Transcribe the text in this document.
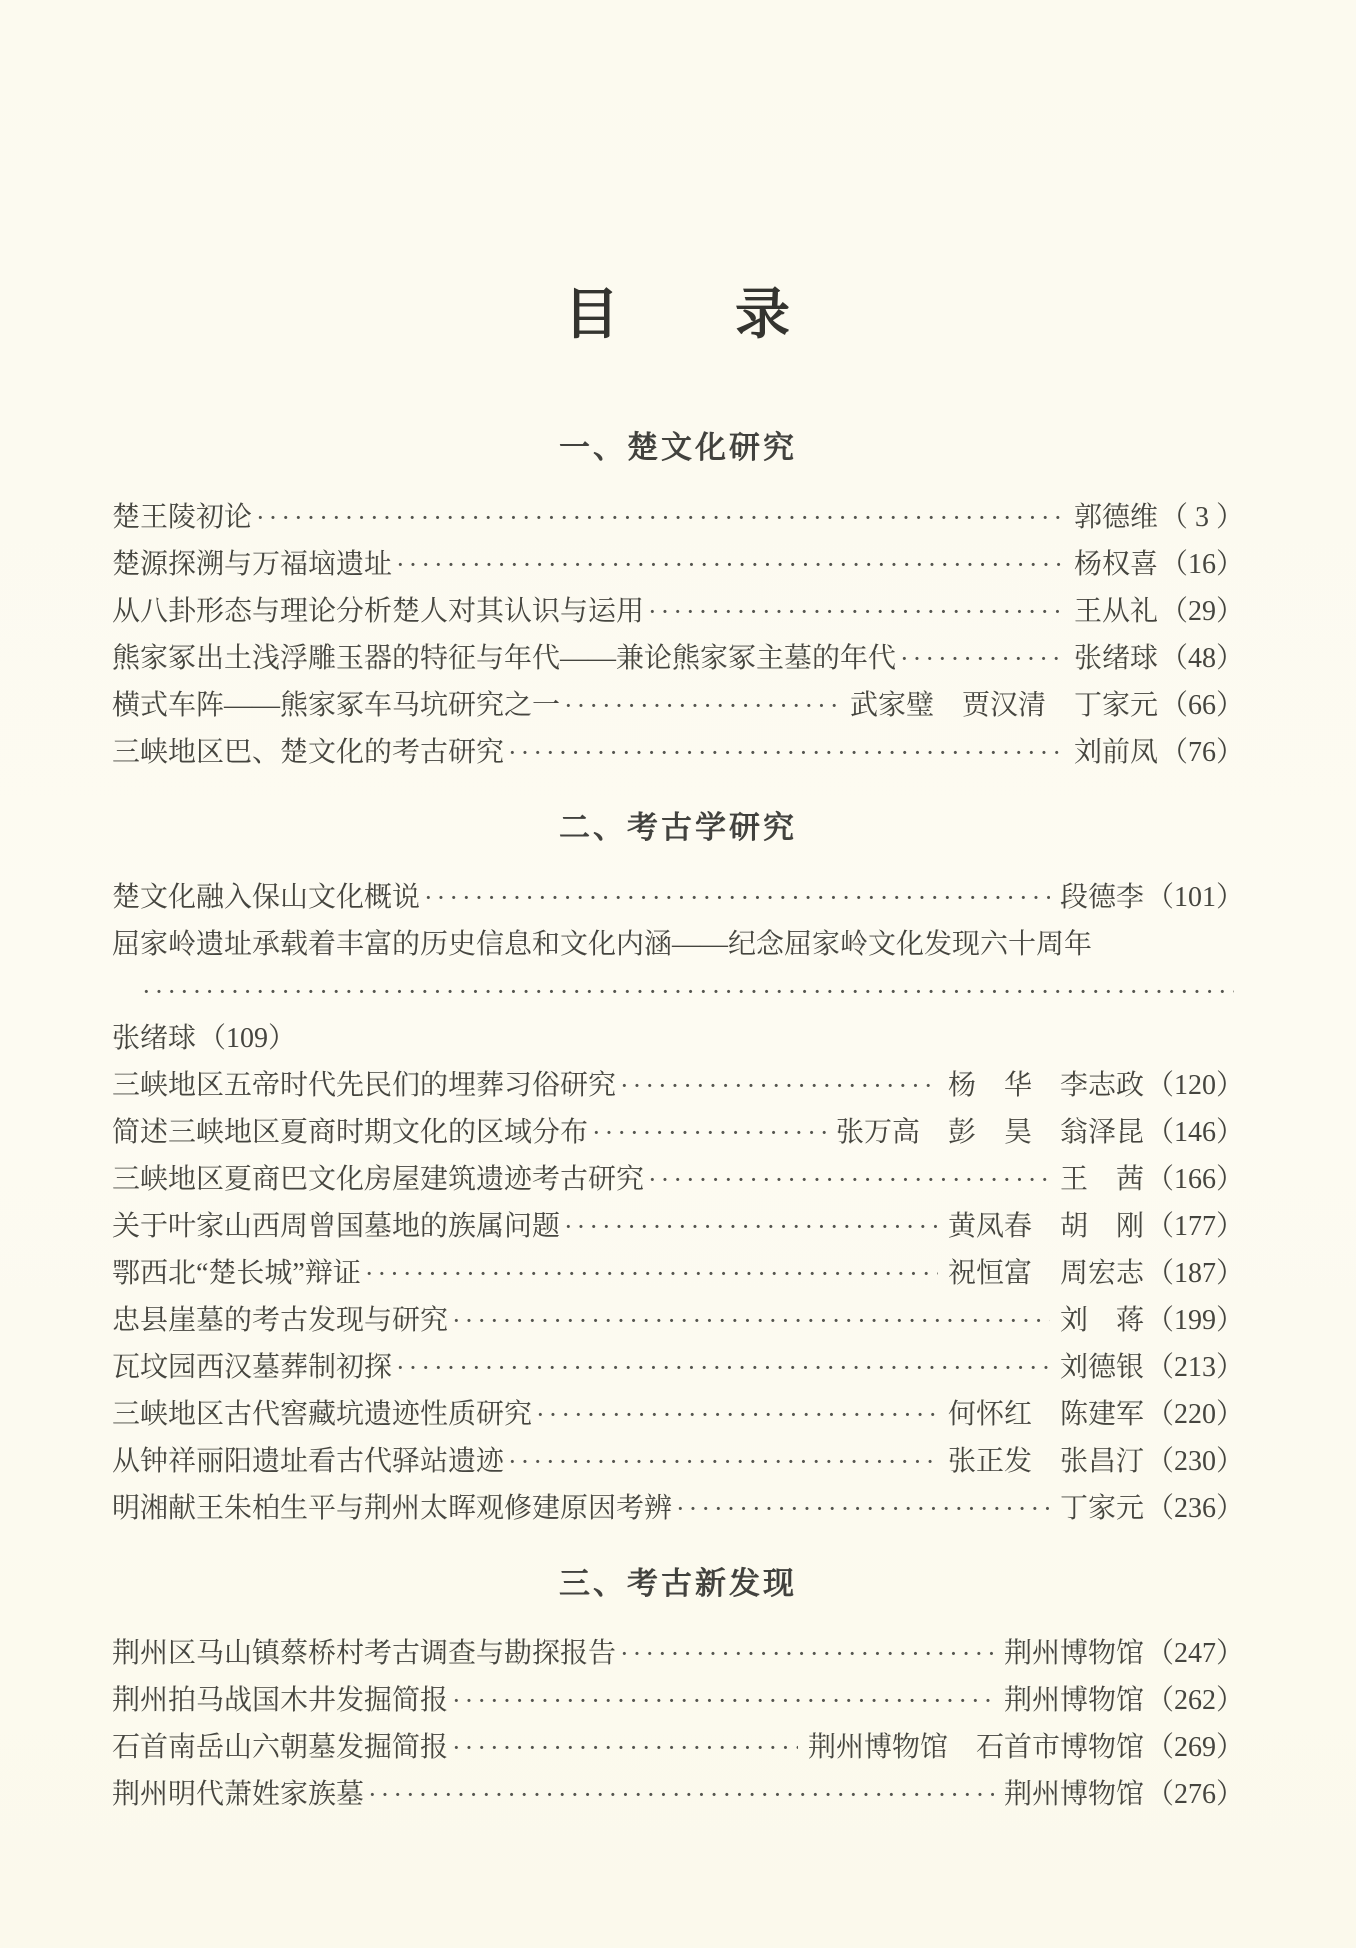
目　　录
一、楚文化研究
楚王陵初论 ·····	郭德维 （ 3 ）
楚源探溯与万福垴遗址 ·····	杨权喜 （16）
从八卦形态与理论分析楚人对其认识与运用 ·····	王从礼 （29）
熊家冢出土浅浮雕玉器的特征与年代——兼论熊家冢主墓的年代 ·····	张绪球 （48）
横式车阵——熊家冢车马坑研究之一 ·····	武家璧　贾汉清　丁家元 （66）
三峡地区巴、楚文化的考古研究 ·····	刘前凤 （76）
二、考古学研究
楚文化融入保山文化概说 ·····	段德李 （101）
屈家岭遗址承载着丰富的历史信息和文化内涵——纪念屈家岭文化发现六十周年
·····
张绪球 （109）
三峡地区五帝时代先民们的埋葬习俗研究 ·····	杨　华　李志政 （120）
简述三峡地区夏商时期文化的区域分布 ·····	张万高　彭　昊　翁泽昆 （146）
三峡地区夏商巴文化房屋建筑遗迹考古研究 ·····	王　茜 （166）
关于叶家山西周曾国墓地的族属问题 ·····	黄凤春　胡　刚 （177）
鄂西北“楚长城”辩证 ·····	祝恒富　周宏志 （187）
忠县崖墓的考古发现与研究 ·····	刘　蒋 （199）
瓦坟园西汉墓葬制初探 ·····	刘德银 （213）
三峡地区古代窖藏坑遗迹性质研究 ·····	何怀红　陈建军 （220）
从钟祥丽阳遗址看古代驿站遗迹 ·····	张正发　张昌汀 （230）
明湘献王朱柏生平与荆州太晖观修建原因考辨 ·····	丁家元 （236）
三、考古新发现
荆州区马山镇蔡桥村考古调查与勘探报告 ·····	荆州博物馆 （247）
荆州拍马战国木井发掘简报 ·····	荆州博物馆 （262）
石首南岳山六朝墓发掘简报 ·····	荆州博物馆　石首市博物馆 （269）
荆州明代萧姓家族墓 ·····	荆州博物馆 （276）
